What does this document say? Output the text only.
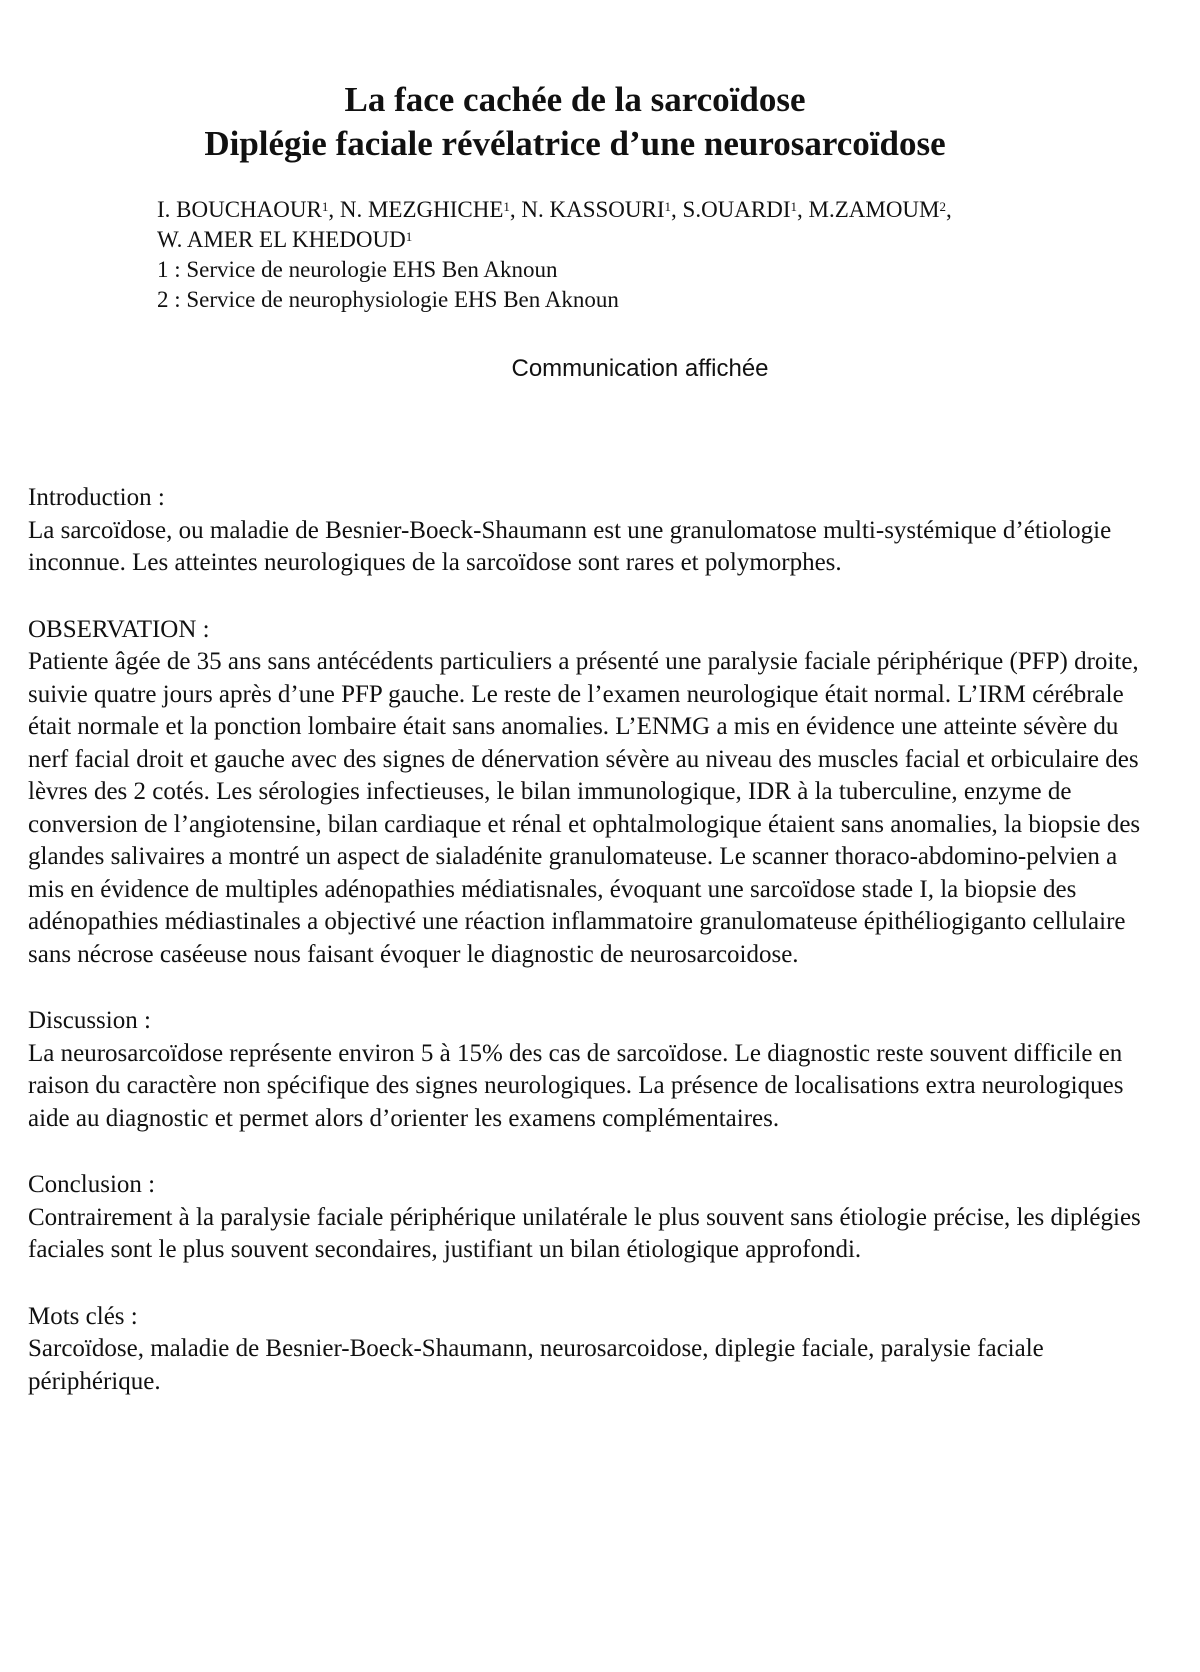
La face cachée de la sarcoïdose

Diplégie faciale révélatrice d’une neurosarcoïdose

I. BOUCHAOUR$^1$, N. MEZGHICHE$^1$, N. KASSOURI$^1$, S.OUARDI$^1$, M.ZAMOUM$^2$,
W. AMER EL KHEDOUD$^1$
1 : Service de neurologie EHS Ben Aknoun
2 : Service de neurophysiologie EHS Ben Aknoun
Communication affichée
Introduction :
La sarcoïdose, ou maladie de Besnier-Boeck-Shaumann est une granulomatose multi-systémique d’étiologie inconnue. Les atteintes neurologiques de la sarcoïdose sont rares et polymorphes.
OBSERVATION :
Patiente âgée de 35 ans sans antécédents particuliers a présenté une paralysie faciale périphérique (PFP) droite, suivie quatre jours après d’une PFP gauche. Le reste de l’examen neurologique était normal. L’IRM cérébrale était normale et la ponction lombaire était sans anomalies. L’ENMG a mis en évidence une atteinte sévère du nerf facial droit et gauche avec des signes de dénervation sévère au niveau des muscles facial et orbiculaire des lèvres des 2 cotés. Les sérologies infectieuses, le bilan immunologique, IDR à la tuberculine, enzyme de conversion de l’angiotensine, bilan cardiaque et rénal et ophtalmologique étaient sans anomalies, la biopsie des glandes salivaires a montré un aspect de sialadénite granulomateuse. Le scanner thoraco-abdomino-pelvien a mis en évidence de multiples adénopathies médiatisnales, évoquant une sarcoïdose stade I, la biopsie des adénopathies médiastinales a objectivé une réaction inflammatoire granulomateuse épithéliogiganto cellulaire sans nécrose caséeuse nous faisant évoquer le diagnostic de neurosarcoidose.
Discussion :
La neurosarcoïdose représente environ 5 à 15% des cas de sarcoïdose. Le diagnostic reste souvent difficile en raison du caractère non spécifique des signes neurologiques. La présence de localisations extra neurologiques aide au diagnostic et permet alors d’orienter les examens complémentaires.
Conclusion :
Contrairement à la paralysie faciale périphérique unilatérale le plus souvent sans étiologie précise, les diplégies faciales sont le plus souvent secondaires, justifiant un bilan étiologique approfondi.
Mots clés :
Sarcoïdose, maladie de Besnier-Boeck-Shaumann, neurosarcoidose, diplegie faciale, paralysie faciale périphérique.
